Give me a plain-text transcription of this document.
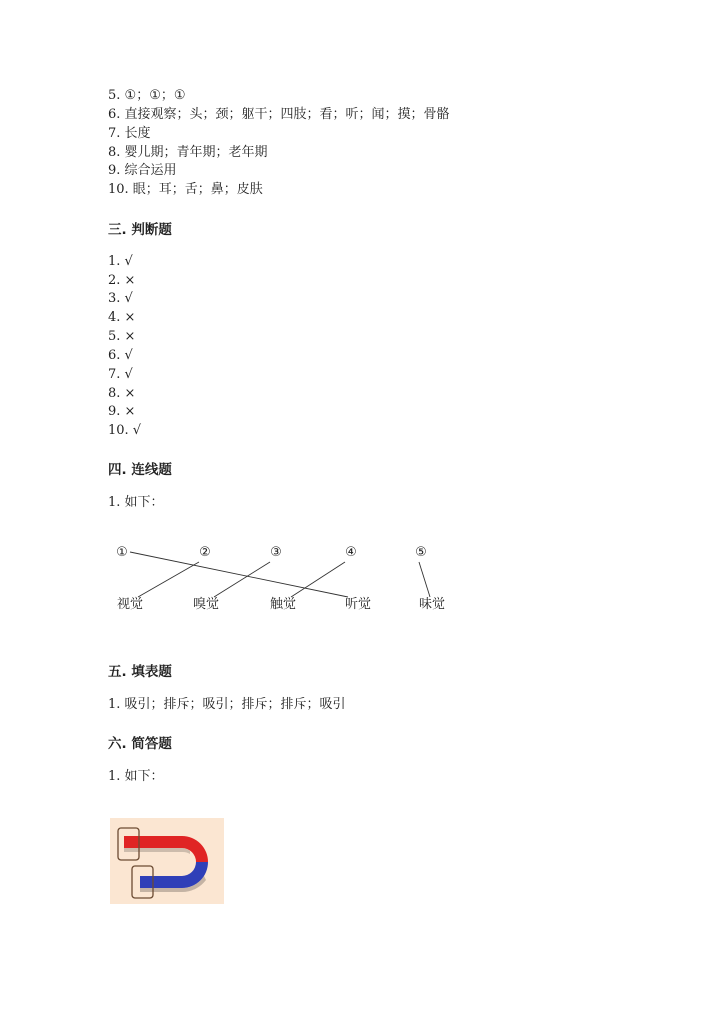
5. ①；①；①
6. 直接观察；头；颈；躯干；四肢；看；听；闻；摸；骨骼
7. 长度
8. 婴儿期；青年期；老年期
9. 综合运用
10. 眼；耳；舌；鼻；皮肤
三. 判断题
1. √
2. ×
3. √
4. ×
5. ×
6. √
7. √
8. ×
9. ×
10. √
四. 连线题
1. 如下：
①	②	③	④	⑤
视觉	嗅觉	触觉	听觉	味觉
五. 填表题
1. 吸引；排斥；吸引；排斥；排斥；吸引
六. 简答题
1. 如下：
